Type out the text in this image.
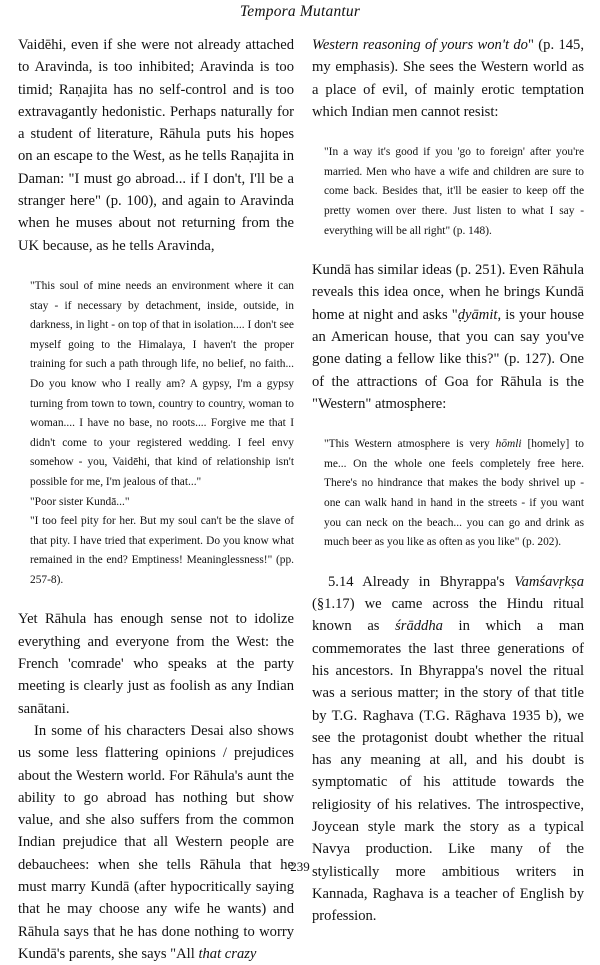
Tempora Mutantur

Vaidēhi, even if she were not already attached to Aravinda, is too inhibited; Aravinda is too timid; Raṇajita has no self-control and is too extravagantly hedonistic. Perhaps naturally for a student of literature, Rāhula puts his hopes on an escape to the West, as he tells Raṇajita in Daman: "I must go abroad... if I don't, I'll be a stranger here" (p. 100), and again to Aravinda when he muses about not returning from the UK because, as he tells Aravinda,

"This soul of mine needs an environment where it can stay - if necessary by detachment, inside, outside, in darkness, in light - on top of that in isolation.... I don't see myself going to the Himalaya, I haven't the proper training for such a path through life, no belief, no faith... Do you know who I really am? A gypsy, I'm a gypsy turning from town to town, country to country, woman to woman.... I have no base, no roots.... Forgive me that I didn't come to your registered wedding. I feel envy somehow - you, Vaidēhi, that kind of relationship isn't possible for me, I'm jealous of that..."

"Poor sister Kundā..."

"I too feel pity for her. But my soul can't be the slave of that pity. I have tried that experiment. Do you know what remained in the end? Emptiness! Meaninglessness!" (pp. 257-8).

Yet Rāhula has enough sense not to idolize everything and everyone from the West: the French 'comrade' who speaks at the party meeting is clearly just as foolish as any Indian sanātani.

In some of his characters Desai also shows us some less flattering opinions / prejudices about the Western world. For Rāhula's aunt the ability to go abroad has nothing but show value, and she also suffers from the common Indian prejudice that all Western people are debauchees: when she tells Rāhula that he must marry Kundā (after hypocritically saying that he may choose any wife he wants) and Rāhula says that he has done nothing to worry Kundā's parents, she says "All that crazy

Western reasoning of yours won't do" (p. 145, my emphasis). She sees the Western world as a place of evil, of mainly erotic temptation which Indian men cannot resist:

"In a way it's good if you 'go to foreign' after you're married. Men who have a wife and children are sure to come back. Besides that, it'll be easier to keep off the pretty women over there. Just listen to what I say - everything will be all right" (p. 148).

Kundā has similar ideas (p. 251). Even Rāhula reveals this idea once, when he brings Kundā home at night and asks "ḍyāmit, is your house an American house, that you can say you've gone dating a fellow like this?" (p. 127). One of the attractions of Goa for Rāhula is the "Western" atmosphere:

"This Western atmosphere is very hōmli [homely] to me... On the whole one feels completely free here. There's no hindrance that makes the body shrivel up - one can walk hand in hand in the streets - if you want you can neck on the beach... you can go and drink as much beer as you like as often as you like" (p. 202).

5.14 Already in Bhyrappa's Vamśavṛkṣa (§1.17) we came across the Hindu ritual known as śrāddha in which a man commemorates the last three generations of his ancestors. In Bhyrappa's novel the ritual was a serious matter; in the story of that title by T.G. Raghava (T.G. Rāghava 1935 b), we see the protagonist doubt whether the ritual has any meaning at all, and his doubt is symptomatic of his attitude towards the religiosity of his relatives. The introspective, Joycean style mark the story as a typical Navya production. Like many of the stylistically more ambitious writers in Kannada, Raghava is a teacher of English by profession.

239
